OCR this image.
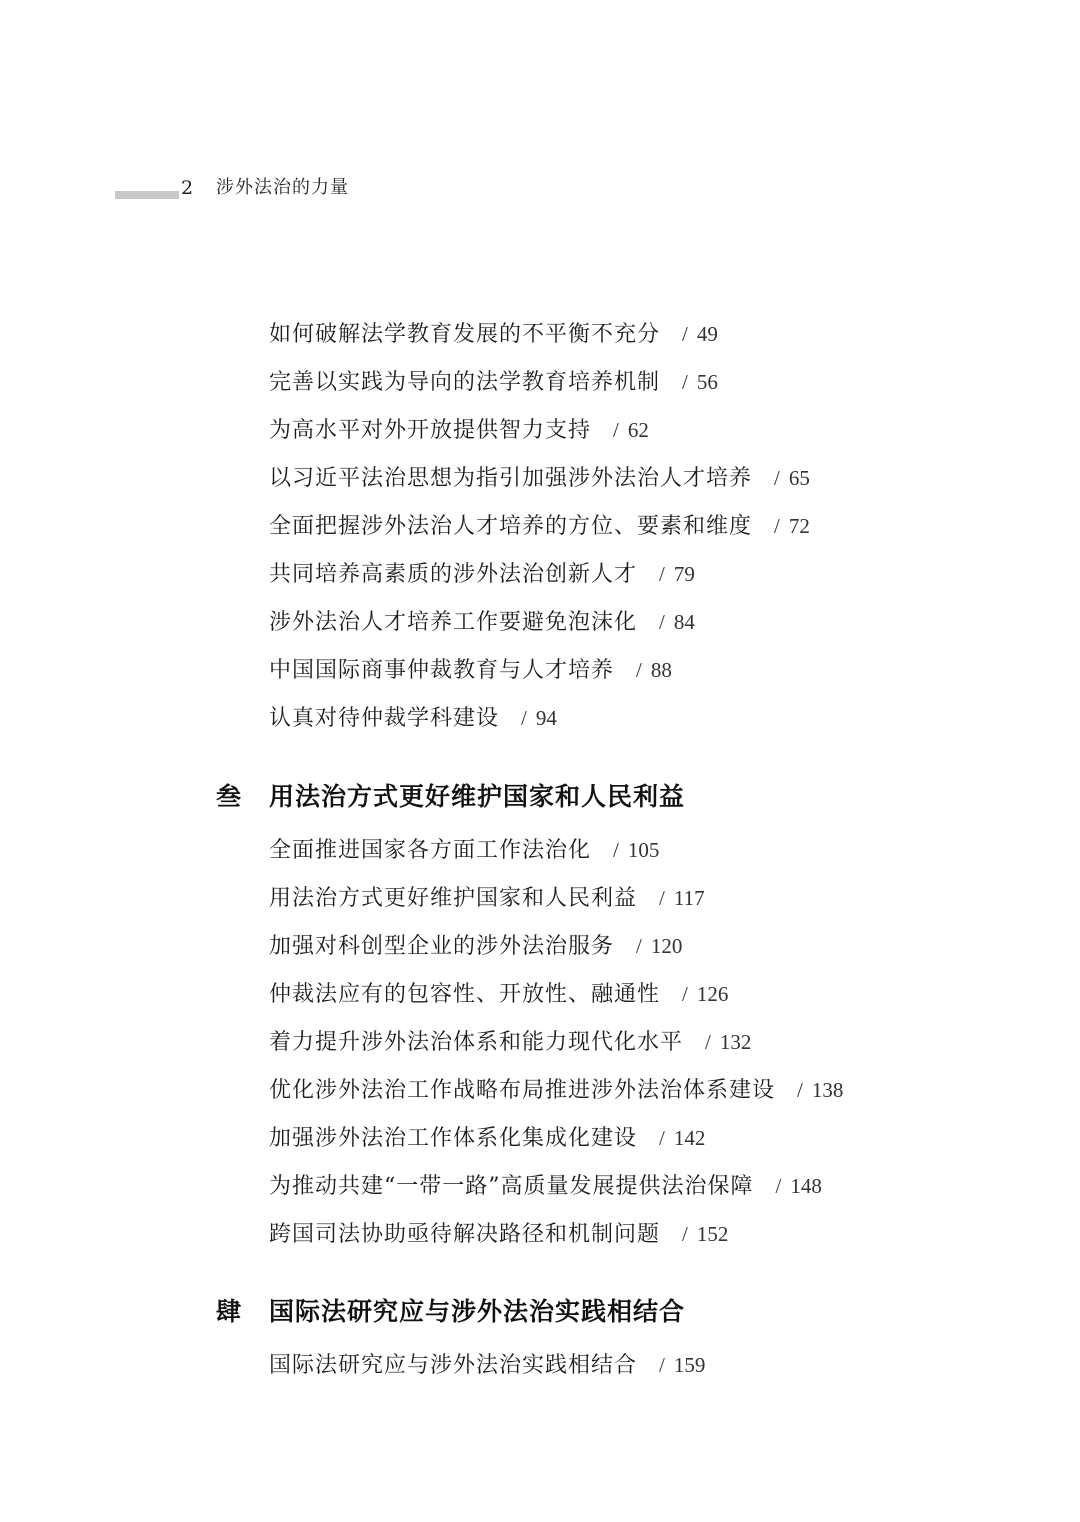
2 涉外法治的力量
如何破解法学教育发展的不平衡不充分 / 49
完善以实践为导向的法学教育培养机制 / 56
为高水平对外开放提供智力支持 / 62
以习近平法治思想为指引加强涉外法治人才培养 / 65
全面把握涉外法治人才培养的方位、要素和维度 / 72
共同培养高素质的涉外法治创新人才 / 79
涉外法治人才培养工作要避免泡沫化 / 84
中国国际商事仲裁教育与人才培养 / 88
认真对待仲裁学科建设 / 94
叁 用法治方式更好维护国家和人民利益
全面推进国家各方面工作法治化 / 105
用法治方式更好维护国家和人民利益 / 117
加强对科创型企业的涉外法治服务 / 120
仲裁法应有的包容性、开放性、融通性 / 126
着力提升涉外法治体系和能力现代化水平 / 132
优化涉外法治工作战略布局推进涉外法治体系建设 / 138
加强涉外法治工作体系化集成化建设 / 142
为推动共建“一带一路”高质量发展提供法治保障 / 148
跨国司法协助亟待解决路径和机制问题 / 152
肆 国际法研究应与涉外法治实践相结合
国际法研究应与涉外法治实践相结合 / 159
